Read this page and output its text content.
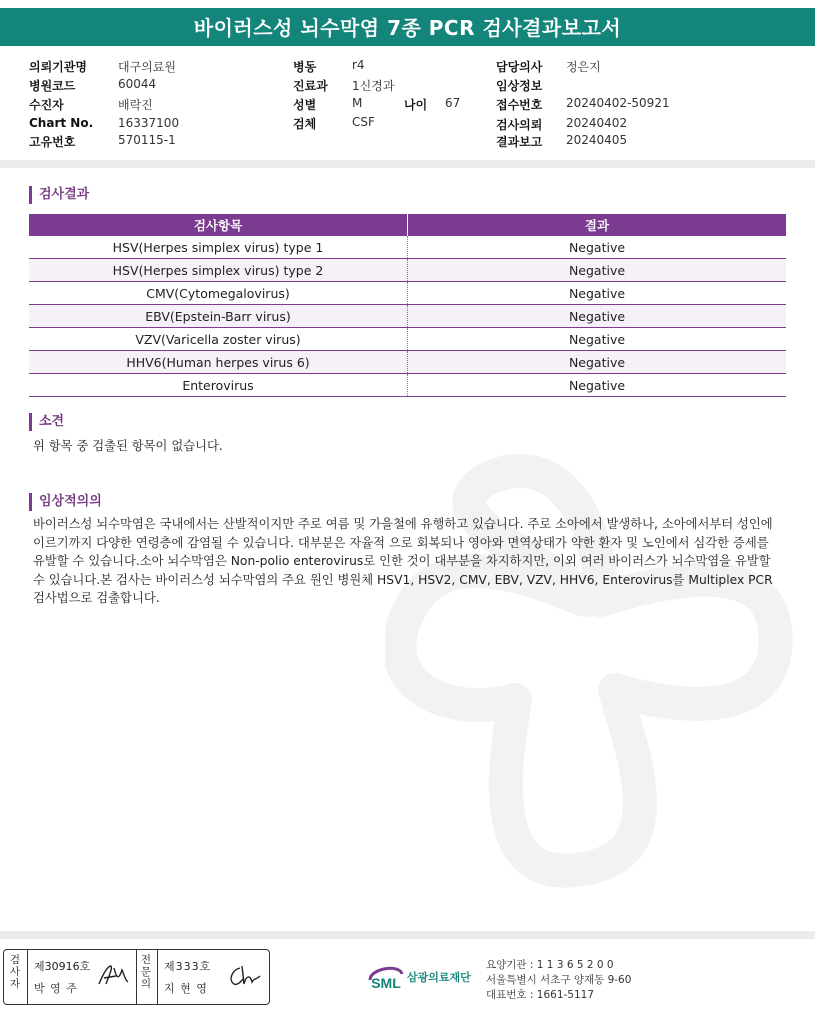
바이러스성 뇌수막염 7종 PCR 검사결과보고서
의뢰기관명	대구의료원
병원코드	60044
수진자	배락진
Chart No. 16337100
고유번호	570115-1
병동	r4
진료과 1신경과
성별	M	나이 67
검체	CSF
담당의사 정은지
임상정보
접수번호 20240402-50921
검사의뢰 20240402
결과보고 20240405
검사결과
검사항목	결과
HSV(Herpes simplex virus) type 1	Negative
HSV(Herpes simplex virus) type 2	Negative
CMV(Cytomegalovirus)	Negative
EBV(Epstein-Barr virus)	Negative
VZV(Varicella zoster virus)	Negative
HHV6(Human herpes virus 6)	Negative
Enterovirus	Negative
소견
위 항목 중 검출된 항목이 없습니다.
임상적의의
바이러스성 뇌수막염은 국내에서는 산발적이지만 주로 여름 및 가을철에 유행하고 있습니다. 주로 소아에서 발생하나, 소아에서부터 성인에
이르기까지 다양한 연령층에 감염될 수 있습니다. 대부분은 자율적 으로 회복되나 영아와 면역상태가 약한 환자 및 노인에서 심각한 증세를
유발할 수 있습니다.소아 뇌수막염은 Non-polio enterovirus로 인한 것이 대부분을 차지하지만, 이외 여러 바이러스가 뇌수막염을 유발할
수 있습니다.본 검사는 바이러스성 뇌수막염의 주요 원인 병원체 HSV1, HSV2, CMV, EBV, VZV, HHV6, Enterovirus를 Multiplex PCR
검사법으로 검출합니다.
검사자
제30916호
박 영 주
전문의
제333호
지 현 영	SML 삼광의료재단
요양기관 : 1 1 3 6 5 2 0 0
서울특별시 서초구 양재동 9-60
대표번호 : 1661-5117
